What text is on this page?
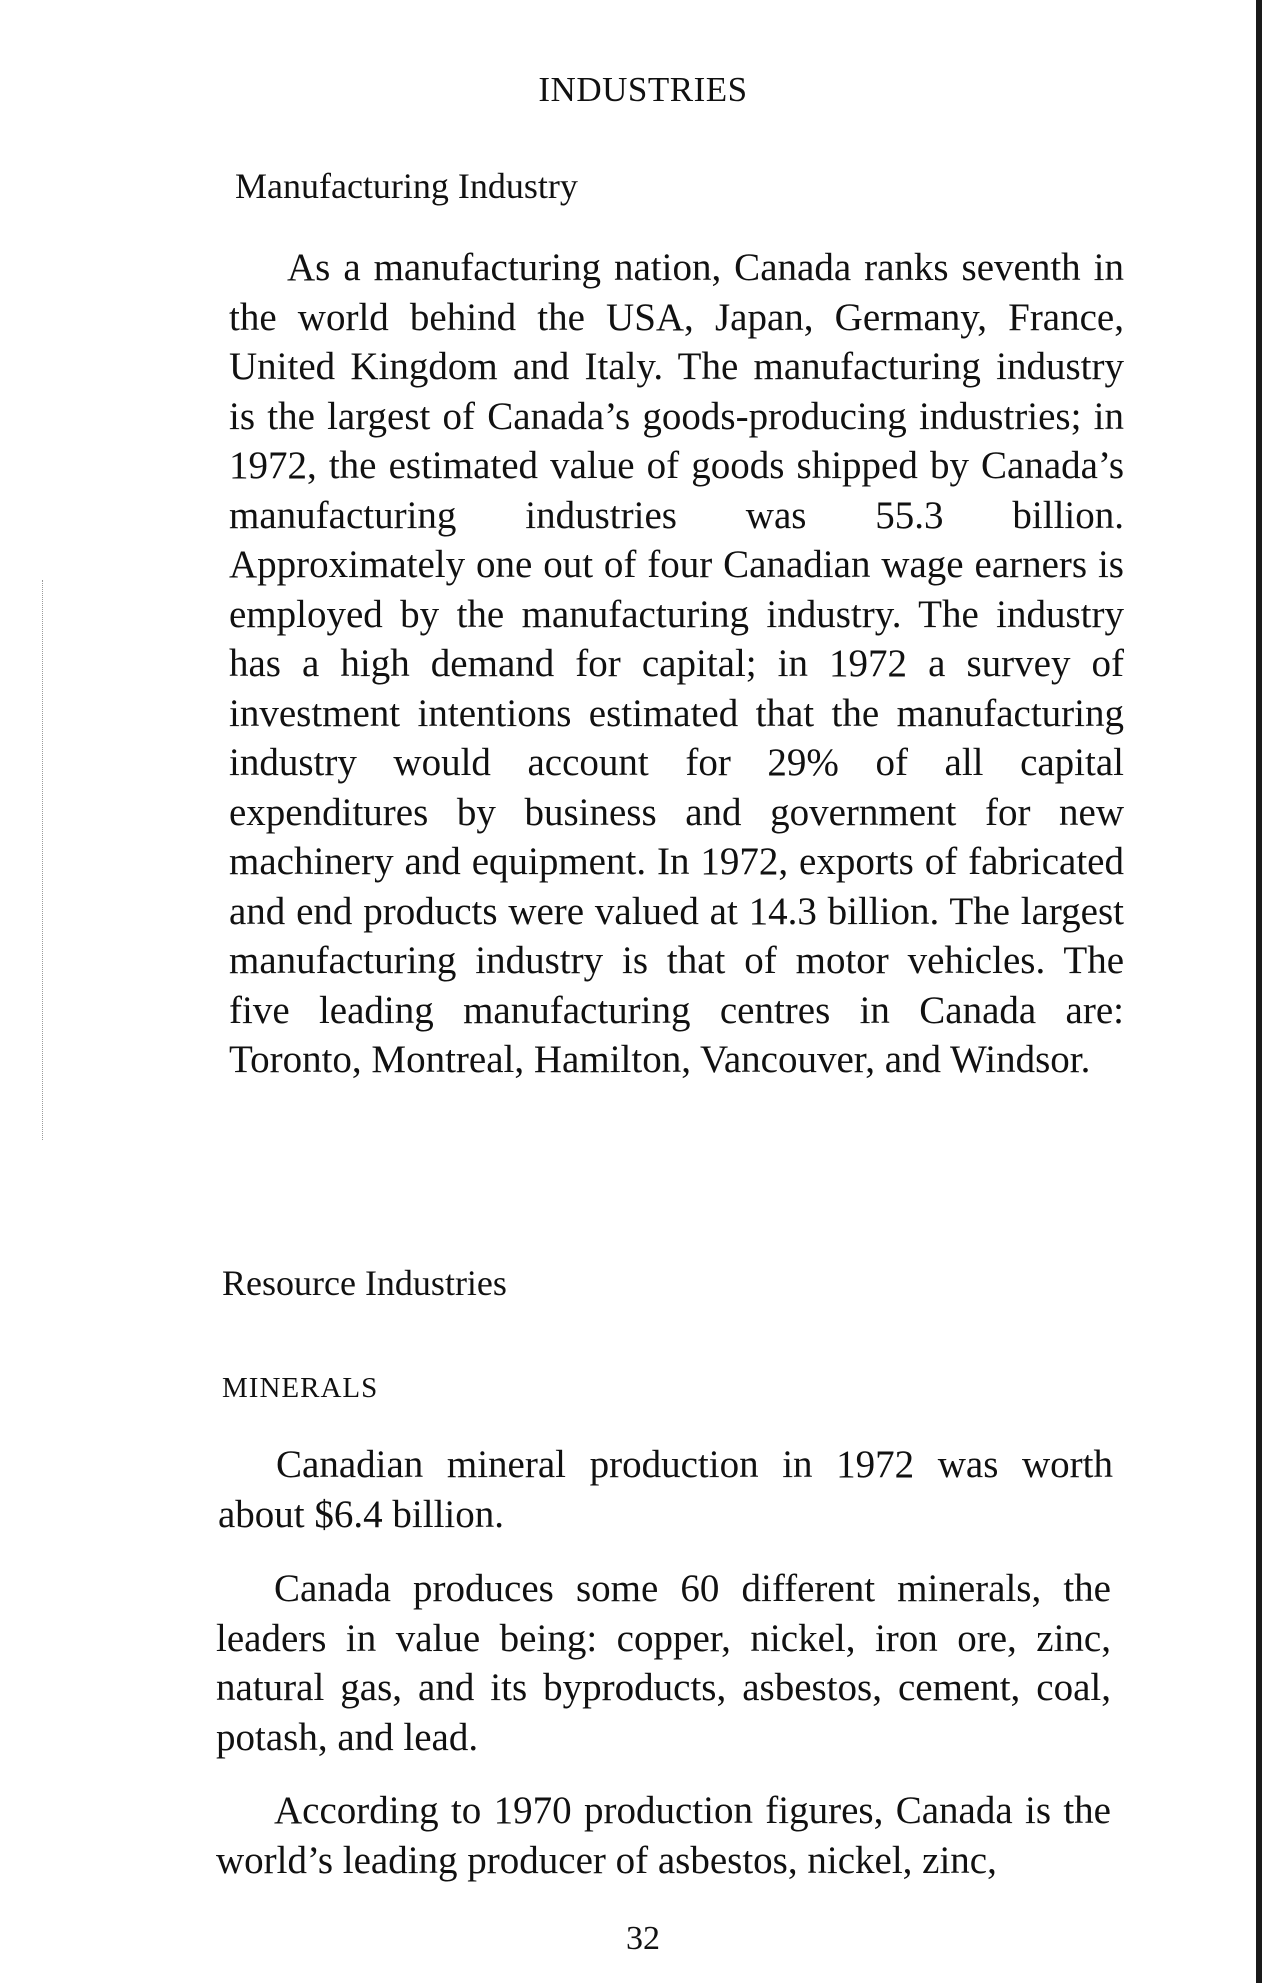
INDUSTRIES
Manufacturing Industry

As a manufacturing nation, Canada ranks seventh in the world behind the USA, Japan, Germany, France, United Kingdom and Italy. The manufacturing industry is the largest of Canada’s goods-producing industries; in 1972, the estimated value of goods shipped by Canada’s manufacturing industries was 55.3 billion. Approximately one out of four Canadian wage earners is employed by the manufacturing industry. The industry has a high demand for capital; in 1972 a survey of investment intentions estimated that the manufacturing industry would account for 29% of all capital expenditures by business and government for new machinery and equipment. In 1972, exports of fabricated and end products were valued at 14.3 billion. The largest manufacturing industry is that of motor vehicles. The five leading manufacturing centres in Canada are: Toronto, Montreal, Hamilton, Vancouver, and Windsor.

Resource Industries
MINERALS

Canadian mineral production in 1972 was worth about $6.4 billion.

Canada produces some 60 different minerals, the leaders in value being: copper, nickel, iron ore, zinc, natural gas, and its byproducts, asbestos, cement, coal, potash, and lead.

According to 1970 production figures, Canada is the world’s leading producer of asbestos, nickel, zinc,

32
